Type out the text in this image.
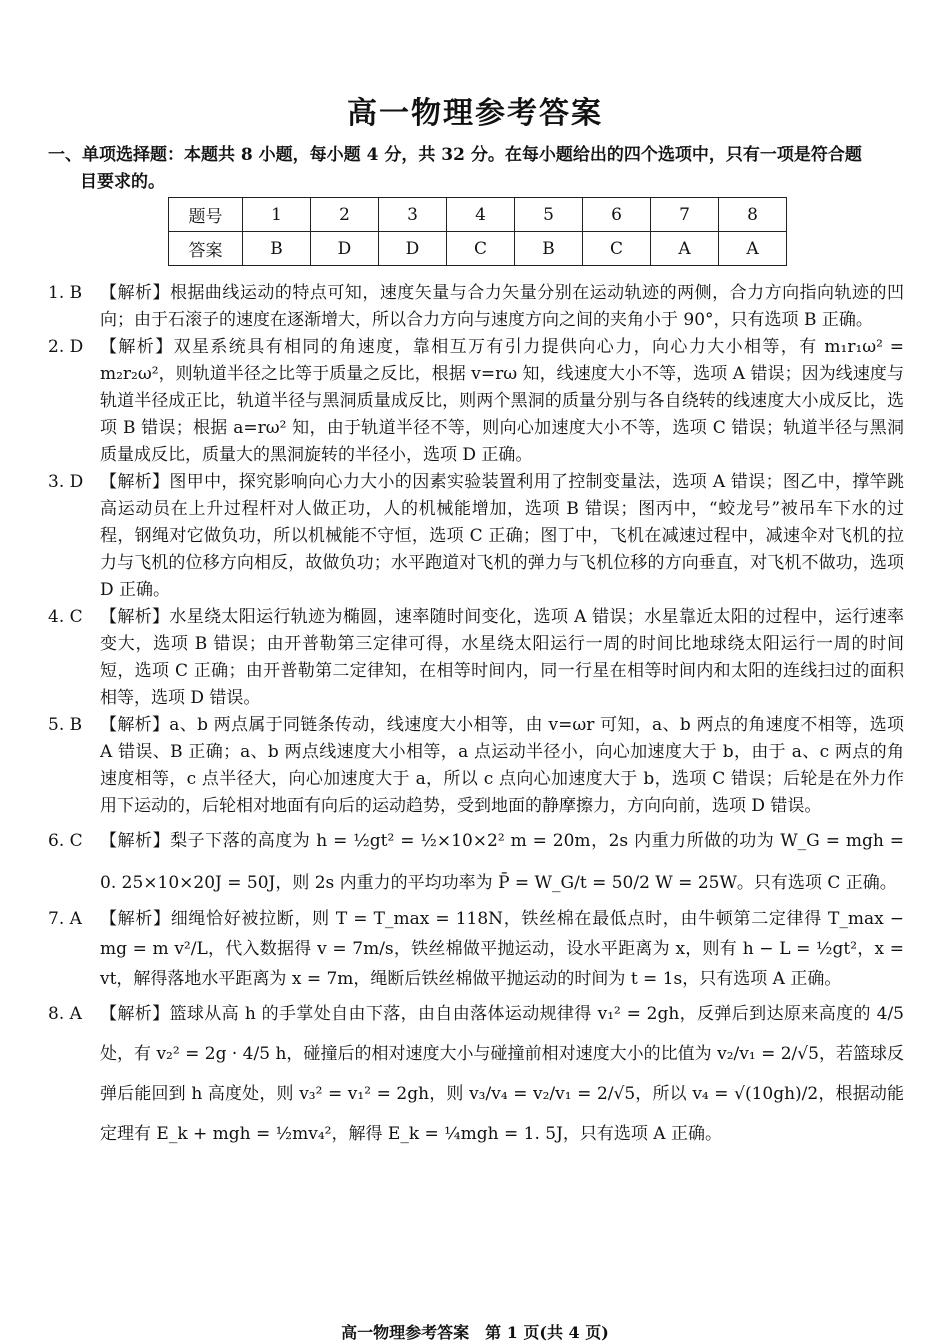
高一物理参考答案
一、单项选择题：本题共 8 小题，每小题 4 分，共 32 分。在每小题给出的四个选项中，只有一项是符合题
目要求的。
题号	1	2	3	4	5	6	7	8
答案	B	D	D	C	B	C	A	A
1. B 【解析】根据曲线运动的特点可知，速度矢量与合力矢量分别在运动轨迹的两侧，合力方向指向轨迹的凹向；由于石滚子的速度在逐渐增大，所以合力方向与速度方向之间的夹角小于 90°，只有选项 B 正确。

2. D 【解析】双星系统具有相同的角速度，靠相互万有引力提供向心力，向心力大小相等，有 m₁r₁ω² = m₂r₂ω²，则轨道半径之比等于质量之反比，根据 v=rω 知，线速度大小不等，选项 A 错误；因为线速度与轨道半径成正比，轨道半径与黑洞质量成反比，则两个黑洞的质量分别与各自绕转的线速度大小成反比，选项 B 错误；根据 a=rω² 知，由于轨道半径不等，则向心加速度大小不等，选项 C 错误；轨道半径与黑洞质量成反比，质量大的黑洞旋转的半径小，选项 D 正确。

3. D 【解析】图甲中，探究影响向心力大小的因素实验装置利用了控制变量法，选项 A 错误；图乙中，撑竿跳高运动员在上升过程杆对人做正功，人的机械能增加，选项 B 错误；图丙中，“蛟龙号”被吊车下水的过程，钢绳对它做负功，所以机械能不守恒，选项 C 正确；图丁中，飞机在减速过程中，减速伞对飞机的拉力与飞机的位移方向相反，故做负功；水平跑道对飞机的弹力与飞机位移的方向垂直，对飞机不做功，选项 D 正确。

4. C 【解析】水星绕太阳运行轨迹为椭圆，速率随时间变化，选项 A 错误；水星靠近太阳的过程中，运行速率变大，选项 B 错误；由开普勒第三定律可得，水星绕太阳运行一周的时间比地球绕太阳运行一周的时间短，选项 C 正确；由开普勒第二定律知，在相等时间内，同一行星在相等时间内和太阳的连线扫过的面积相等，选项 D 错误。

5. B 【解析】a、b 两点属于同链条传动，线速度大小相等，由 v=ωr 可知，a、b 两点的角速度不相等，选项 A 错误、B 正确；a、b 两点线速度大小相等，a 点运动半径小，向心加速度大于 b，由于 a、c 两点的角速度相等，c 点半径大，向心加速度大于 a，所以 c 点向心加速度大于 b，选项 C 错误；后轮是在外力作用下运动的，后轮相对地面有向后的运动趋势，受到地面的静摩擦力，方向向前，选项 D 错误。

6. C 【解析】梨子下落的高度为 h = ½gt² = ½×10×2² m = 20m，2s 内重力所做的功为 W_G = mgh = 0. 25×10×20J = 50J，则 2s 内重力的平均功率为 P̄ = W_G/t = 50/2 W = 25W。只有选项 C 正确。

7. A 【解析】细绳恰好被拉断，则 T = T_max = 118N，铁丝棉在最低点时，由牛顿第二定律得 T_max − mg = m v²/L，代入数据得 v = 7m/s，铁丝棉做平抛运动，设水平距离为 x，则有 h − L = ½gt²，x = vt，解得落地水平距离为 x = 7m，绳断后铁丝棉做平抛运动的时间为 t = 1s，只有选项 A 正确。

8. A 【解析】篮球从高 h 的手掌处自由下落，由自由落体运动规律得 v₁² = 2gh，反弹后到达原来高度的 4/5 处，有 v₂² = 2g · 4/5 h，碰撞后的相对速度大小与碰撞前相对速度大小的比值为 v₂/v₁ = 2/√5，若篮球反弹后能回到 h 高度处，则 v₃² = v₁² = 2gh，则 v₃/v₄ = v₂/v₁ = 2/√5，所以 v₄ = √(10gh)/2，根据动能定理有 E_k + mgh = ½mv₄²，解得 E_k = ¼mgh = 1. 5J，只有选项 A 正确。

高一物理参考答案　第 1 页(共 4 页)
